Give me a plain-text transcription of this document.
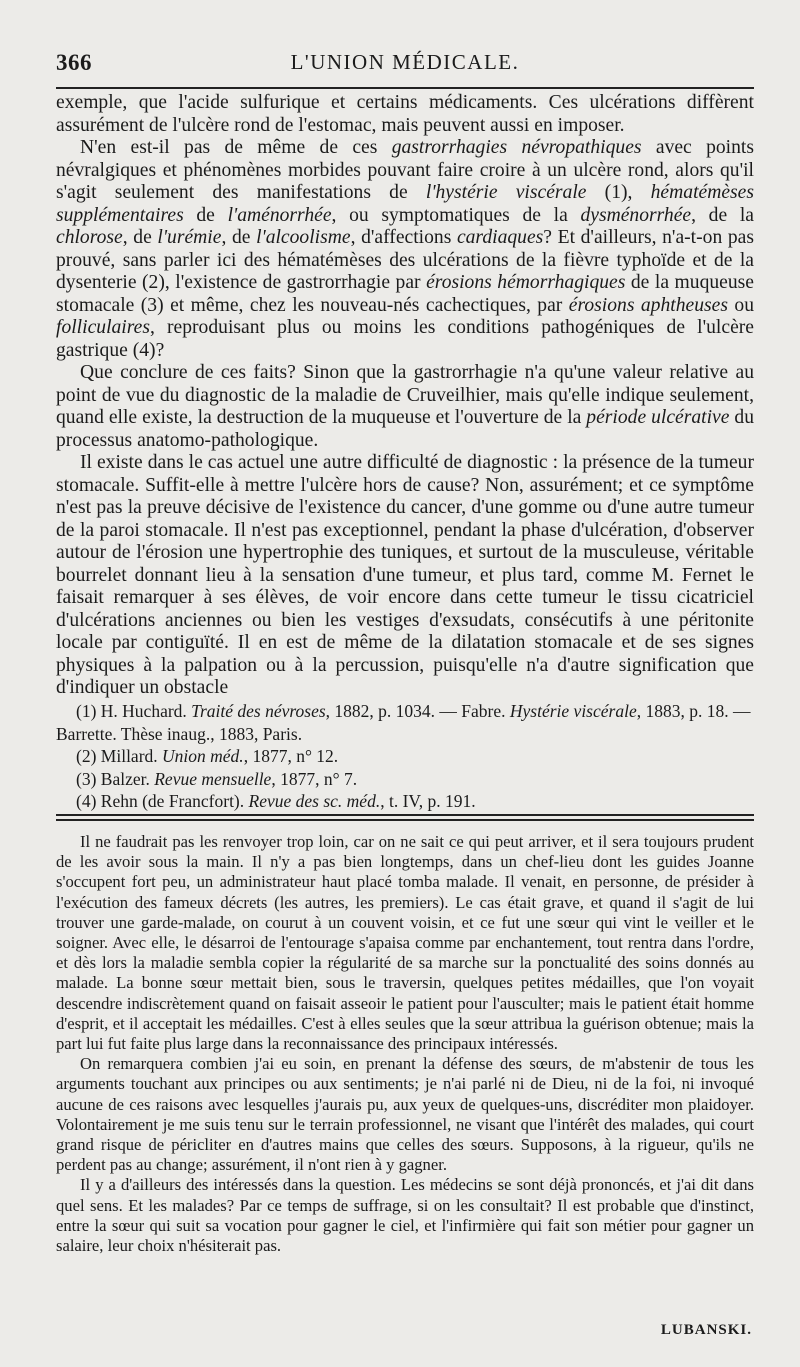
366	L'UNION MÉDICALE.

exemple, que l'acide sulfurique et certains médicaments. Ces ulcérations diffèrent assurément de l'ulcère rond de l'estomac, mais peuvent aussi en imposer.

N'en est-il pas de même de ces gastrorrhagies névropathiques avec points névralgiques et phénomènes morbides pouvant faire croire à un ulcère rond, alors qu'il s'agit seulement des manifestations de l'hystérie viscérale (1), hématémèses supplémentaires de l'aménorrhée, ou symptomatiques de la dysménorrhée, de la chlorose, de l'urémie, de l'alcoolisme, d'affections cardiaques? Et d'ailleurs, n'a-t-on pas prouvé, sans parler ici des hématémèses des ulcérations de la fièvre typhoïde et de la dysenterie (2), l'existence de gastrorrhagie par érosions hémorrhagiques de la muqueuse stomacale (3) et même, chez les nouveau-nés cachectiques, par érosions aphtheuses ou folliculaires, reproduisant plus ou moins les conditions pathogéniques de l'ulcère gastrique (4)?

Que conclure de ces faits? Sinon que la gastrorrhagie n'a qu'une valeur relative au point de vue du diagnostic de la maladie de Cruveilhier, mais qu'elle indique seulement, quand elle existe, la destruction de la muqueuse et l'ouverture de la période ulcérative du processus anatomo-pathologique.

Il existe dans le cas actuel une autre difficulté de diagnostic : la présence de la tumeur stomacale. Suffit-elle à mettre l'ulcère hors de cause? Non, assurément; et ce symptôme n'est pas la preuve décisive de l'existence du cancer, d'une gomme ou d'une autre tumeur de la paroi stomacale. Il n'est pas exceptionnel, pendant la phase d'ulcération, d'observer autour de l'érosion une hypertrophie des tuniques, et surtout de la musculeuse, véritable bourrelet donnant lieu à la sensation d'une tumeur, et plus tard, comme M. Fernet le faisait remarquer à ses élèves, de voir encore dans cette tumeur le tissu cicatriciel d'ulcérations anciennes ou bien les vestiges d'exsudats, consécutifs à une péritonite locale par contiguïté. Il en est de même de la dilatation stomacale et de ses signes physiques à la palpation ou à la percussion, puisqu'elle n'a d'autre signification que d'indiquer un obstacle

(1) H. Huchard. Traité des névroses, 1882, p. 1034. — Fabre. Hystérie viscérale, 1883, p. 18. — Barrette. Thèse inaug., 1883, Paris.

(2) Millard. Union méd., 1877, n° 12.

(3) Balzer. Revue mensuelle, 1877, n° 7.

(4) Rehn (de Francfort). Revue des sc. méd., t. IV, p. 191.

Il ne faudrait pas les renvoyer trop loin, car on ne sait ce qui peut arriver, et il sera toujours prudent de les avoir sous la main. Il n'y a pas bien longtemps, dans un chef-lieu dont les guides Joanne s'occupent fort peu, un administrateur haut placé tomba malade. Il venait, en personne, de présider à l'exécution des fameux décrets (les autres, les premiers). Le cas était grave, et quand il s'agit de lui trouver une garde-malade, on courut à un couvent voisin, et ce fut une sœur qui vint le veiller et le soigner. Avec elle, le désarroi de l'entourage s'apaisa comme par enchantement, tout rentra dans l'ordre, et dès lors la maladie sembla copier la régularité de sa marche sur la ponctualité des soins donnés au malade. La bonne sœur mettait bien, sous le traversin, quelques petites médailles, que l'on voyait descendre indiscrètement quand on faisait asseoir le patient pour l'ausculter; mais le patient était homme d'esprit, et il acceptait les médailles. C'est à elles seules que la sœur attribua la guérison obtenue; mais la part lui fut faite plus large dans la reconnaissance des principaux intéressés.

On remarquera combien j'ai eu soin, en prenant la défense des sœurs, de m'abstenir de tous les arguments touchant aux principes ou aux sentiments; je n'ai parlé ni de Dieu, ni de la foi, ni invoqué aucune de ces raisons avec lesquelles j'aurais pu, aux yeux de quelques-uns, discréditer mon plaidoyer. Volontairement je me suis tenu sur le terrain professionnel, ne visant que l'intérêt des malades, qui court grand risque de péricliter en d'autres mains que celles des sœurs. Supposons, à la rigueur, qu'ils ne perdent pas au change; assurément, il n'ont rien à y gagner.

Il y a d'ailleurs des intéressés dans la question. Les médecins se sont déjà prononcés, et j'ai dit dans quel sens. Et les malades? Par ce temps de suffrage, si on les consultait? Il est probable que d'instinct, entre la sœur qui suit sa vocation pour gagner le ciel, et l'infirmière qui fait son métier pour gagner un salaire, leur choix n'hésiterait pas.

LUBANSKI.
